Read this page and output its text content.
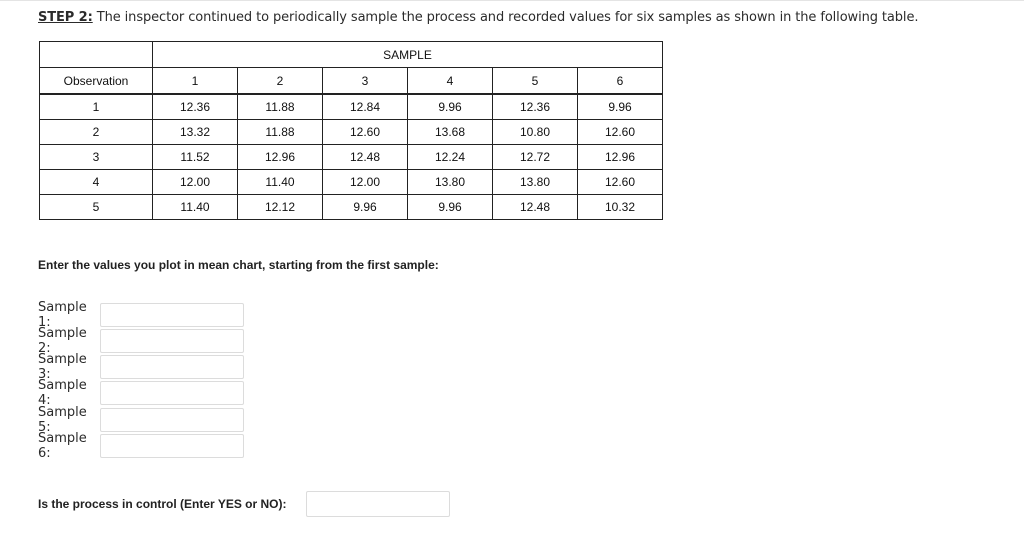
STEP 2: The inspector continued to periodically sample the process and recorded values for six samples as shown in the following table.
	SAMPLE					
Observation	1	2	3	4	5	6
1	12.36	11.88	12.84	9.96	12.36	9.96
2	13.32	11.88	12.60	13.68	10.80	12.60
3	11.52	12.96	12.48	12.24	12.72	12.96
4	12.00	11.40	12.00	13.80	13.80	12.60
5	11.40	12.12	9.96	9.96	12.48	10.32
Enter the values you plot in mean chart, starting from the first sample:
Sample 1:
Sample 2:
Sample 3:
Sample 4:
Sample 5:
Sample 6:
Is the process in control (Enter YES or NO):
